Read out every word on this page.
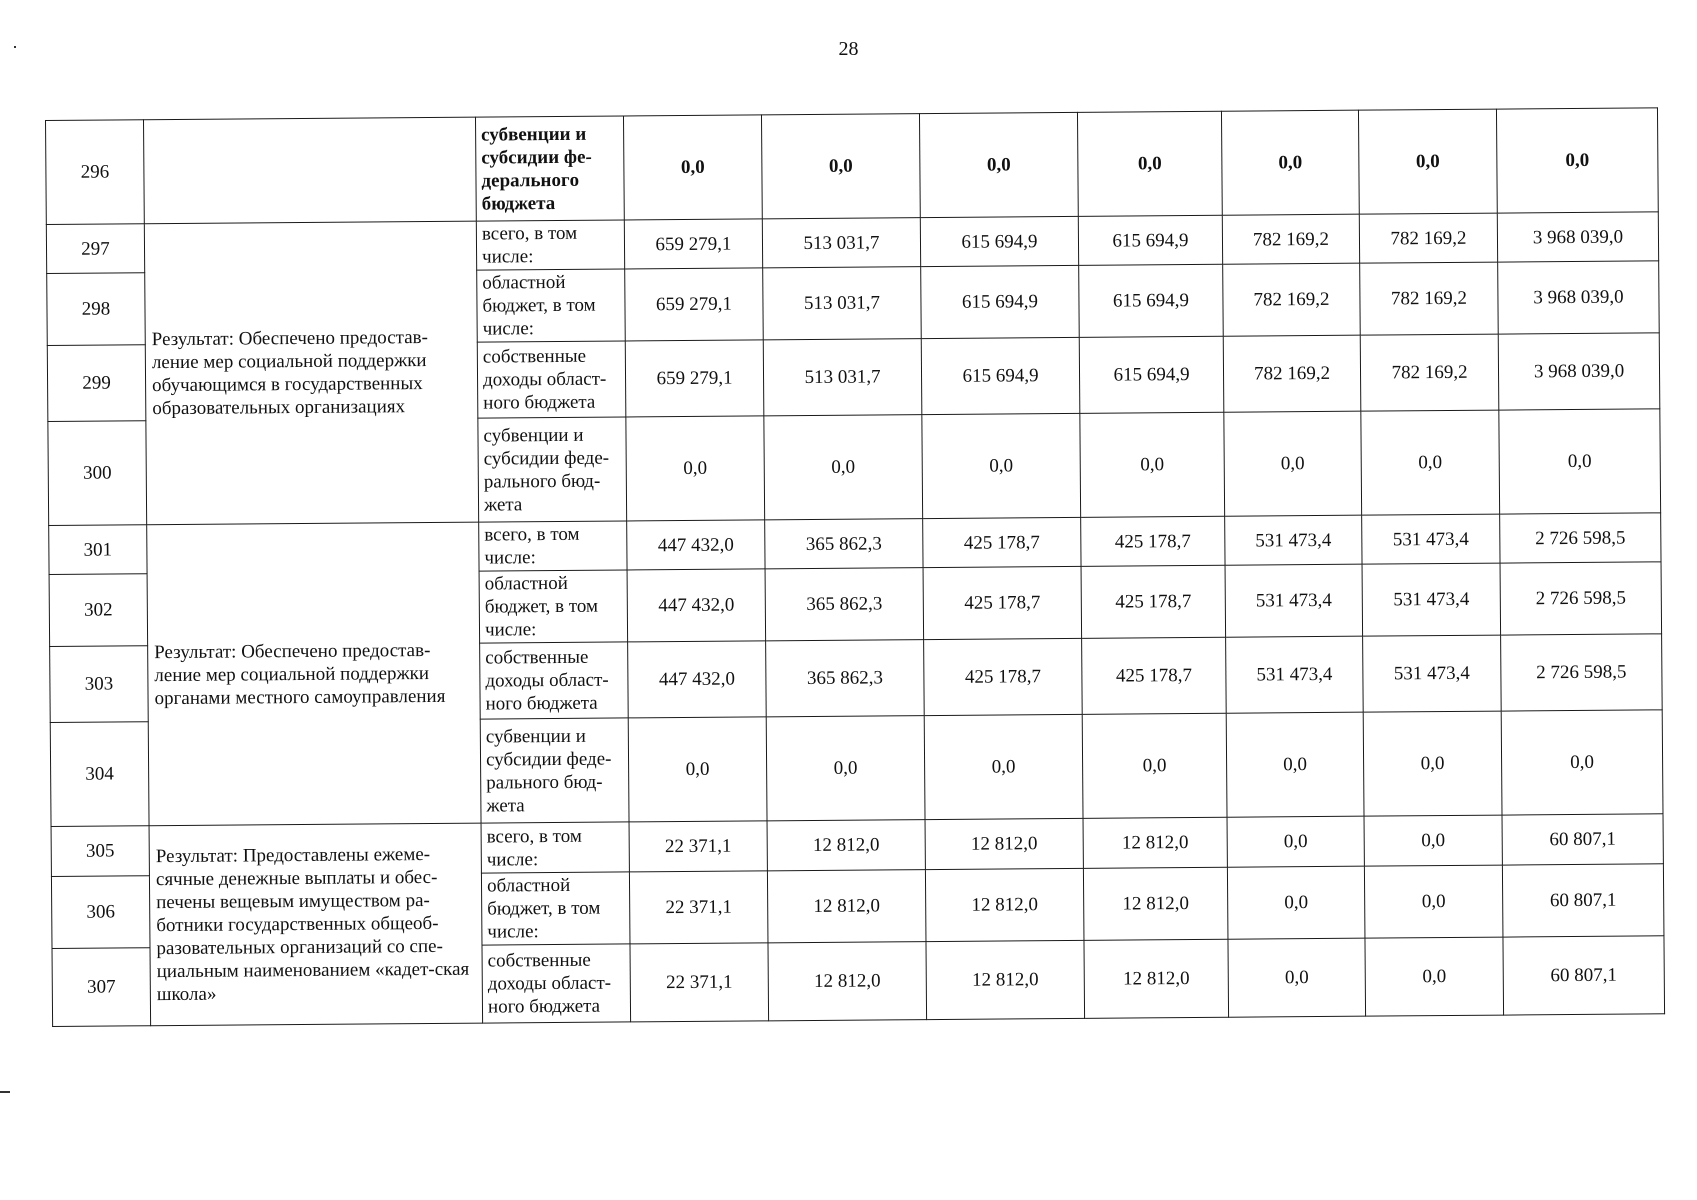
28
296		субвенции и субсидии фе-деральногo бюджета	0,0	0,0	0,0	0,0	0,0	0,0	0,0
297	Результат: Обеспечено предостав-ление мер социальной поддержки обучающимся в государственных образовательных организациях	всего, в том числе:	659 279,1	513 031,7	615 694,9	615 694,9	782 169,2	782 169,2	3 968 039,0
298		областной бюджет, в том числе:	659 279,1	513 031,7	615 694,9	615 694,9	782 169,2	782 169,2	3 968 039,0
299		собственные доходы област-ного бюджета	659 279,1	513 031,7	615 694,9	615 694,9	782 169,2	782 169,2	3 968 039,0
300		субвенции и субсидии феде-рального бюд-жета	0,0	0,0	0,0	0,0	0,0	0,0	0,0
301	Результат: Обеспечено предостав-ление мер социальной поддержки органами местного самоуправления	всего, в том числе:	447 432,0	365 862,3	425 178,7	425 178,7	531 473,4	531 473,4	2 726 598,5
302		областной бюджет, в том числе:	447 432,0	365 862,3	425 178,7	425 178,7	531 473,4	531 473,4	2 726 598,5
303		собственные доходы област-ного бюджета	447 432,0	365 862,3	425 178,7	425 178,7	531 473,4	531 473,4	2 726 598,5
304		субвенции и субсидии феде-рального бюд-жета	0,0	0,0	0,0	0,0	0,0	0,0	0,0
305	Результат: Предоставлены ежеме-сячные денежные выплаты и обес-печены вещевым имуществом ра-ботники государственных общеоб-разовательных организаций со спе-циальным наименованием «кадет-ская школа»	всего, в том числе:	22 371,1	12 812,0	12 812,0	12 812,0	0,0	0,0	60 807,1
306		областной бюджет, в том числе:	22 371,1	12 812,0	12 812,0	12 812,0	0,0	0,0	60 807,1
307		собственные доходы област-ного бюджета	22 371,1	12 812,0	12 812,0	12 812,0	0,0	0,0	60 807,1
